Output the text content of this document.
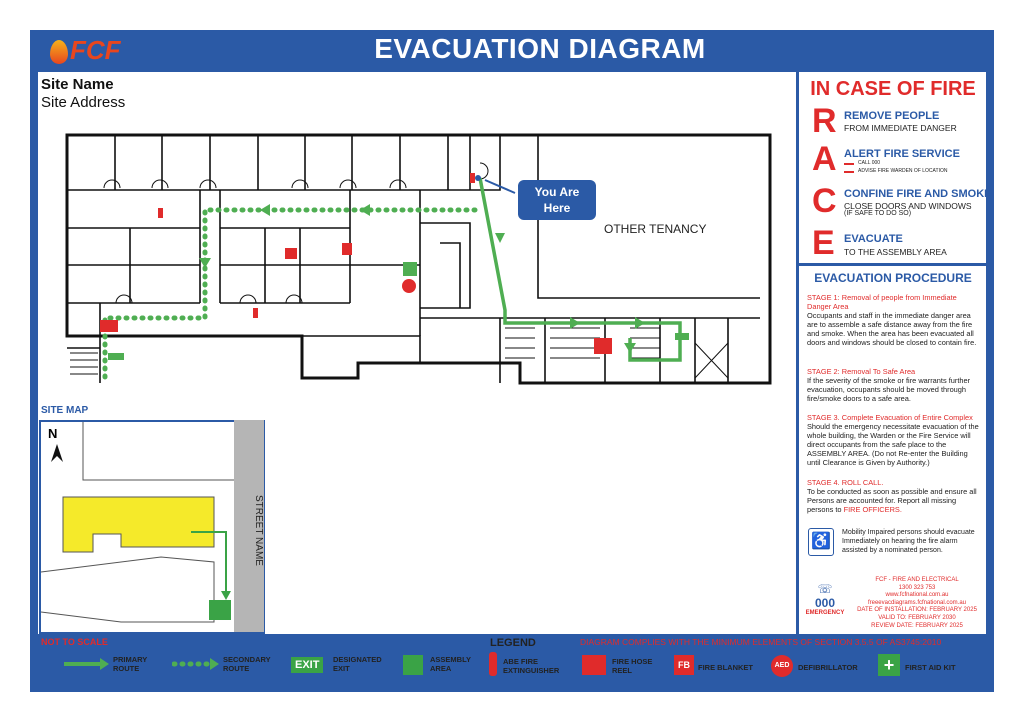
FCF	EVACUATION DIAGRAM
Site Name
Site Address
OTHER TENANCY
You Are
Here
IN CASE OF FIRE
R REMOVE PEOPLE
FROM IMMEDIATE DANGER
A ALERT FIRE SERVICE
CALL 000
ADVISE FIRE WARDEN OF LOCATION
C CONFINE FIRE AND SMOKE
CLOSE DOORS AND WINDOWS
(IF SAFE TO DO SO)
E EVACUATE
TO THE ASSEMBLY AREA
EVACUATION PROCEDURE
STAGE 1: Removal of people from Immediate Danger Area
Occupants and staff in the immediate danger area are to assemble a safe distance away from the fire and smoke. When the area has been evacuated all doors and windows should be closed to contain fire.
STAGE 2: Removal To Safe Area
If the severity of the smoke or fire warrants further evacuation, occupants should be moved through fire/smoke doors to a safe area.
STAGE 3. Complete Evacuation of Entire Complex
Should the emergency necessitate evacuation of the whole building, the Warden or the Fire Service will direct occupants from the safe place to the ASSEMBLY AREA. (Do not Re-enter the Building until Clearance is Given by Authority.)
STAGE 4. ROLL CALL.
To be conducted as soon as possible and ensure all Persons are accounted for. Report all missing persons to FIRE OFFICERS.
♿
Mobility Impaired persons should evacuate Immediately on hearing the fire alarm assisted by a nominated person.
☏
000
EMERGENCY
FCF - FIRE AND ELECTRICAL
1300 323 753
www.fcfnational.com.au
freeevacdiagrams.fcfnational.com.au
DATE OF INSTALLATION: FEBRUARY 2025
VALID TO: FEBRUARY 2030
REVIEW DATE: FEBRUARY 2025
SITE MAP
N
STREET NAME
NOT TO SCALE	LEGEND	DIAGRAM COMPLIES WITH THE MINIMUM ELEMENTS OF SECTION 3.5.5 OF AS3745:2010
PRIMARY ROUTE
SECONDARY ROUTE	EXIT	DESIGNATED EXIT
ASSEMBLY AREA
ABE FIRE EXTINGUISHER
FIRE HOSE REEL
FB	FIRE BLANKET	AED	DEFIBRILLATOR	+	FIRST AID KIT
